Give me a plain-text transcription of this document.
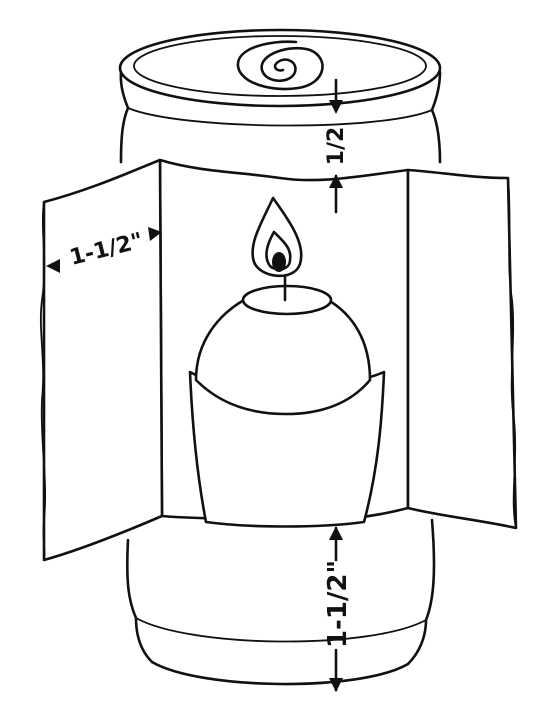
1/2
1-1/2"
1-1/2"
